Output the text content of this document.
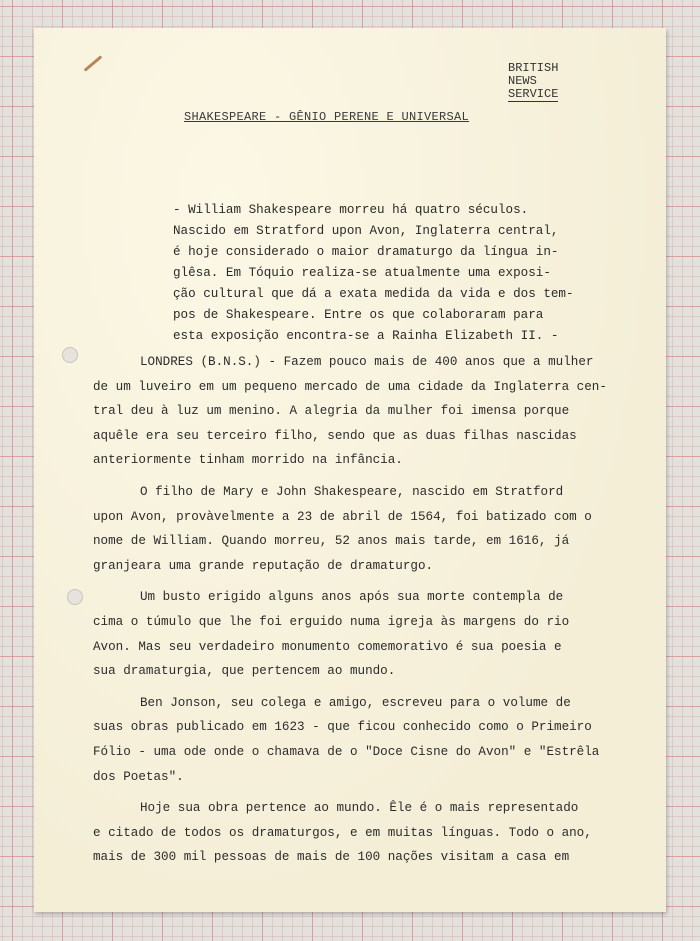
BRITISH
NEWS
SERVICE
SHAKESPEARE - GÊNIO PERENE E UNIVERSAL
- William Shakespeare morreu há quatro séculos.
Nascido em Stratford upon Avon, Inglaterra central,
é hoje considerado o maior dramaturgo da língua in-
glêsa. Em Tóquio realiza-se atualmente uma exposi-
ção cultural que dá a exata medida da vida e dos tem-
pos de Shakespeare. Entre os que colaboraram para
esta exposição encontra-se a Rainha Elizabeth II. -
LONDRES (B.N.S.) - Fazem pouco mais de 400 anos que a mulher
de um luveiro em um pequeno mercado de uma cidade da Inglaterra cen-
tral deu à luz um menino. A alegria da mulher foi imensa porque
aquêle era seu terceiro filho, sendo que as duas filhas nascidas
anteriormente tinham morrido na infância.
O filho de Mary e John Shakespeare, nascido em Stratford
upon Avon, provàvelmente a 23 de abril de 1564, foi batizado com o
nome de William. Quando morreu, 52 anos mais tarde, em 1616, já
granjeara uma grande reputação de dramaturgo.
Um busto erigido alguns anos após sua morte contempla de
cima o túmulo que lhe foi erguido numa igreja às margens do rio
Avon. Mas seu verdadeiro monumento comemorativo é sua poesia e
sua dramaturgia, que pertencem ao mundo.
Ben Jonson, seu colega e amigo, escreveu para o volume de
suas obras publicado em 1623 - que ficou conhecido como o Primeiro
Fólio - uma ode onde o chamava de o "Doce Cisne do Avon" e "Estrêla
dos Poetas".
Hoje sua obra pertence ao mundo. Êle é o mais representado
e citado de todos os dramaturgos, e em muitas línguas. Todo o ano,
mais de 300 mil pessoas de mais de 100 nações visitam a casa em
